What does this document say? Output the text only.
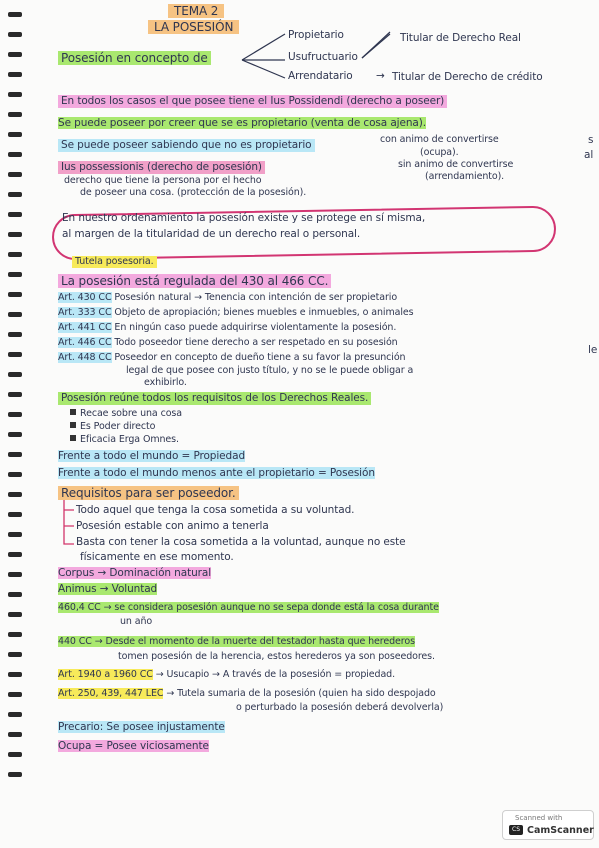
TEMA 2
LA POSESIÓN
Posesión en concepto de
Propietario
Usufructuario
Arrendatario →
Titular de Derecho Real
Titular de Derecho de crédito
En todos los casos el que posee tiene el Ius Possidendi (derecho a poseer)
Se puede poseer por creer que se es propietario (venta de cosa ajena).
Se puede poseer sabiendo que no es propietario	con animo de convertirse
(ocupa).
sin animo de convertirse
(arrendamiento).
Ius possessionis (derecho de posesión)
derecho que tiene la persona por el hecho
de poseer una cosa. (protección de la posesión).
En nuestro ordenamiento la posesión existe y se protege en sí misma,
al margen de la titularidad de un derecho real o personal.
Tutela posesoria.
La posesión está regulada del 430 al 466 CC.
Art. 430 CC Posesión natural → Tenencia con intención de ser propietario
Art. 333 CC Objeto de apropiación; bienes muebles e inmuebles, o animales
Art. 441 CC En ningún caso puede adquirirse violentamente la posesión.
Art. 446 CC Todo poseedor tiene derecho a ser respetado en su posesión
Art. 448 CC Poseedor en concepto de dueño tiene a su favor la presunción
legal de que posee con justo título, y no se le puede obligar a
exhibirlo.
Posesión reúne todos los requisitos de los Derechos Reales.
Recae sobre una cosa
Es Poder directo
Eficacia Erga Omnes.
Frente a todo el mundo = Propiedad
Frente a todo el mundo menos ante el propietario = Posesión
Requisitos para ser poseedor.
Todo aquel que tenga la cosa sometida a su voluntad.
Posesión estable con animo a tenerla
Basta con tener la cosa sometida a la voluntad, aunque no este
físicamente en ese momento.
Corpus → Dominación natural
Animus → Voluntad
460,4 CC → se considera posesión aunque no se sepa donde está la cosa durante
un año
440 CC → Desde el momento de la muerte del testador hasta que herederos
tomen posesión de la herencia, estos herederos ya son poseedores.
Art. 1940 a 1960 CC → Usucapio → A través de la posesión = propiedad.
Art. 250, 439, 447 LEC → Tutela sumaria de la posesión (quien ha sido despojado
o perturbado la posesión deberá devolverla)
Precario: Se posee injustamente
Ocupa = Posee viciosamente
s
al
le
Scanned with
CS CamScanner
